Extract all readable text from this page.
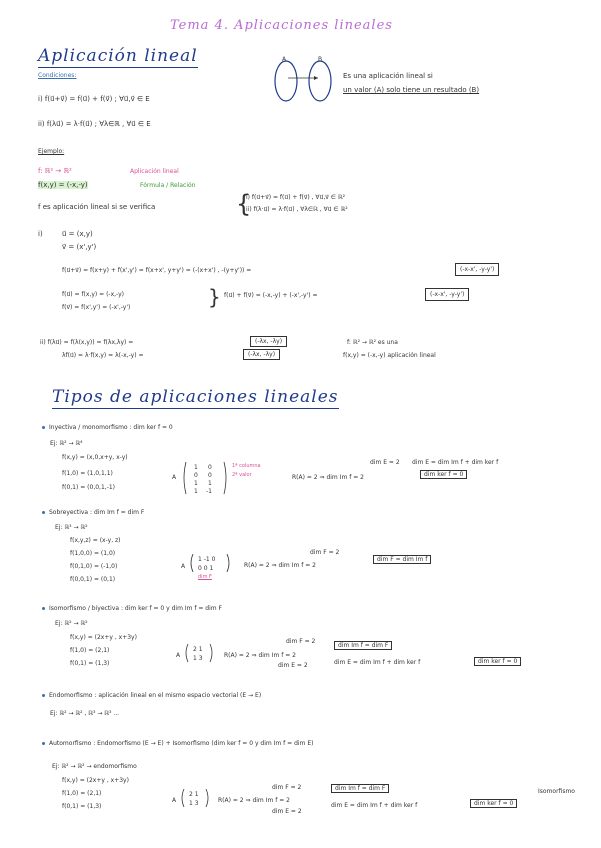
Tema 4. Aplicaciones lineales
Aplicación lineal
Condiciones:
i) f(u⃗+v⃗) = f(u⃗) + f(v⃗) ; ∀u⃗,v⃗ ∈ E
ii) f(λu⃗) = λ·f(u⃗) ; ∀λ∈ℝ , ∀u⃗ ∈ E
A	B
Es una aplicación lineal si
un valor (A) solo tiene un resultado (B)
Ejemplo:
f: ℝ² → ℝ²	Aplicación lineal
f(x,y) = (-x,-y)	Fórmula / Relación
f es aplicación lineal si se verifica	{
i) f(u⃗+v⃗) = f(u⃗) + f(v⃗) , ∀u⃗,v⃗ ∈ ℝ²
ii) f(λ·u⃗) = λ·f(u⃗) , ∀λ∈ℝ , ∀u⃗ ∈ ℝ²
i)	u⃗ = (x,y)
v⃗ = (x',y')
f(u⃗+v⃗) = f(x+y) + f(x',y') = f(x+x', y+y') = (-(x+x') , -(y+y')) =	(-x-x', -y-y')
f(u⃗) = f(x,y) = (-x,-y)
f(v⃗) = f(x',y') = (-x',-y')	} f(u⃗) + f(v⃗) = (-x,-y) + (-x',-y') =	(-x-x', -y-y')
ii) f(λu⃗) = f(λ(x,y)) = f(λx,λy) =	(-λx, -λy)
λf(u⃗) = λ·f(x,y) = λ(-x,-y) =	(-λx, -λy)
f: ℝ² → ℝ² es una
f(x,y) = (-x,-y) aplicación lineal
Tipos de aplicaciones lineales
Inyectiva / monomorfismo : dim ker f = 0
Ej: ℝ² → ℝ⁴
f(x,y) = (x,0,x+y, x-y)
f(1,0) = (1,0,1,1)
f(0,1) = (0,0,1,-1)
A
1 0
0 0
1 1
1 -1
1ª columna
2ª valor	R(A) = 2 ⇒ dim Im f = 2
dim E = 2 dim E = dim Im f + dim ker f
dim ker f = 0
Sobreyectiva : dim Im f = dim F
Ej: ℝ³ → ℝ²
f(x,y,z) = (x-y, z)
f(1,0,0) = (1,0)
f(0,1,0) = (-1,0)
f(0,0,1) = (0,1)
A
1 -1 0
0 0 1
dim F
R(A) = 2 ⇒ dim Im f = 2
dim F = 2
dim F = dim Im f
Isomorfismo / biyectiva : dim ker f = 0 y dim Im f = dim F
Ej: ℝ² → ℝ²
f(x,y) = (2x+y , x+3y)
f(1,0) = (2,1)
f(0,1) = (1,3)
A
2 1
1 3	R(A) = 2 ⇒ dim Im f = 2
dim F = 2
dim E = 2
dim Im f = dim F
dim E = dim Im f + dim ker f	dim ker f = 0
Endomorfismo : aplicación lineal en el mismo espacio vectorial (E → E)
Ej: ℝ² → ℝ² , ℝ³ → ℝ³ ...
Automorfismo : Endomorfismo (E → E) + Isomorfismo (dim ker f = 0 y dim Im f = dim E)
Ej: ℝ² → ℝ² → endomorfismo
f(x,y) = (2x+y , x+3y)
f(1,0) = (2,1)
f(0,1) = (1,3)
A
2 1
1 3	R(A) = 2 ⇒ dim Im f = 2
dim F = 2
dim E = 2
dim Im f = dim F
dim E = dim Im f + dim ker f	dim ker f = 0
Isomorfismo
